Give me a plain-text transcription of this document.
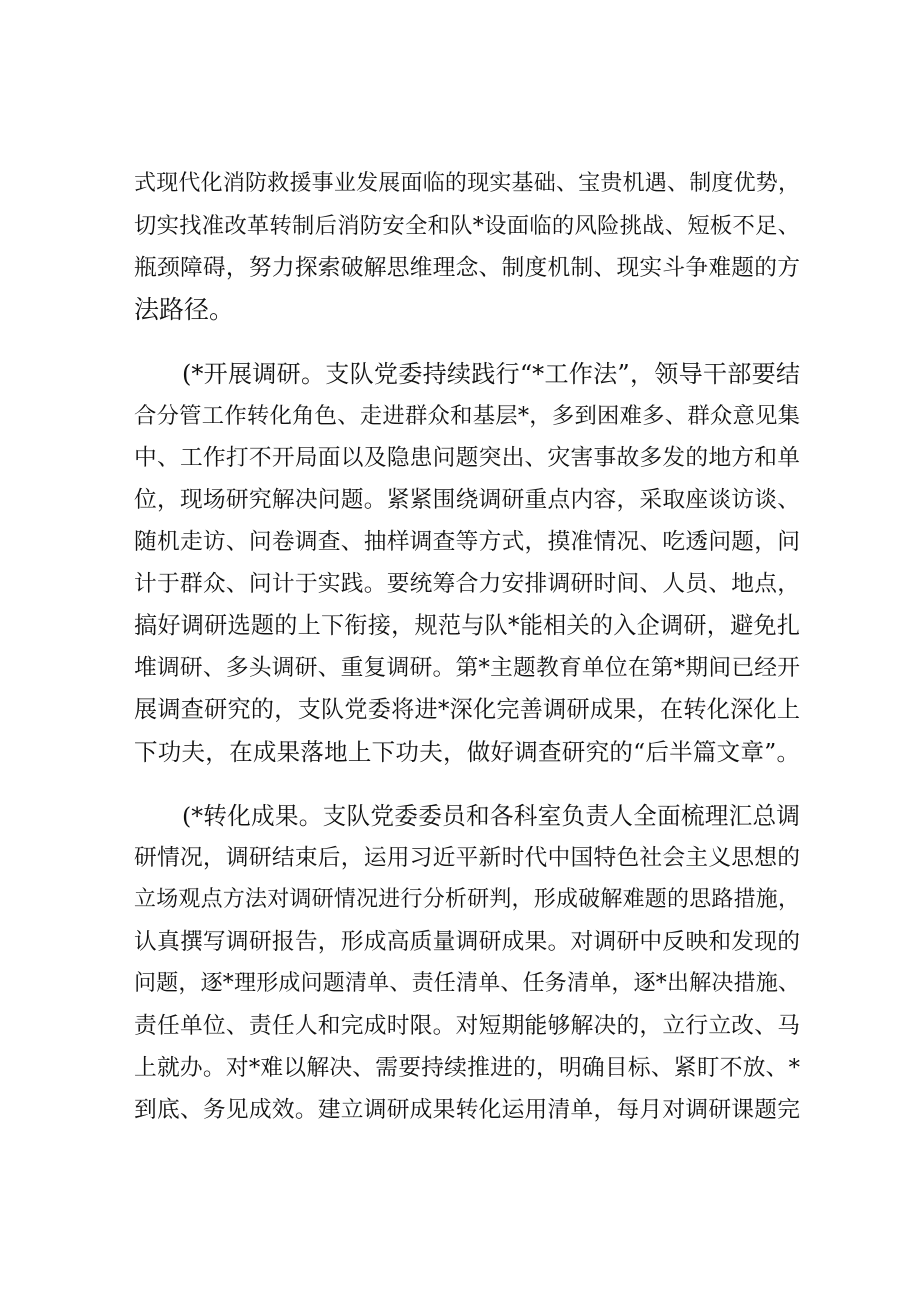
式现代化消防救援事业发展面临的现实基础、宝贵机遇、制度优势，
切实找准改革转制后消防安全和队*设面临的风险挑战、短板不足、
瓶颈障碍，努力探索破解思维理念、制度机制、现实斗争难题的方
法路径。
(*开展调研。支队党委持续践行“*工作法”，领导干部要结
合分管工作转化角色、走进群众和基层*，多到困难多、群众意见集
中、工作打不开局面以及隐患问题突出、灾害事故多发的地方和单
位，现场研究解决问题。紧紧围绕调研重点内容，采取座谈访谈、
随机走访、问卷调查、抽样调查等方式，摸准情况、吃透问题，问
计于群众、问计于实践。要统筹合力安排调研时间、人员、地点，
搞好调研选题的上下衔接，规范与队*能相关的入企调研，避免扎
堆调研、多头调研、重复调研。第*主题教育单位在第*期间已经开
展调查研究的，支队党委将进*深化完善调研成果，在转化深化上
下功夫，在成果落地上下功夫，做好调查研究的“后半篇文章”。
(*转化成果。支队党委委员和各科室负责人全面梳理汇总调
研情况，调研结束后，运用习近平新时代中国特色社会主义思想的
立场观点方法对调研情况进行分析研判，形成破解难题的思路措施，
认真撰写调研报告，形成高质量调研成果。对调研中反映和发现的
问题，逐*理形成问题清单、责任清单、任务清单，逐*出解决措施、
责任单位、责任人和完成时限。对短期能够解决的，立行立改、马
上就办。对*难以解决、需要持续推进的，明确目标、紧盯不放、*
到底、务见成效。建立调研成果转化运用清单，每月对调研课题完
